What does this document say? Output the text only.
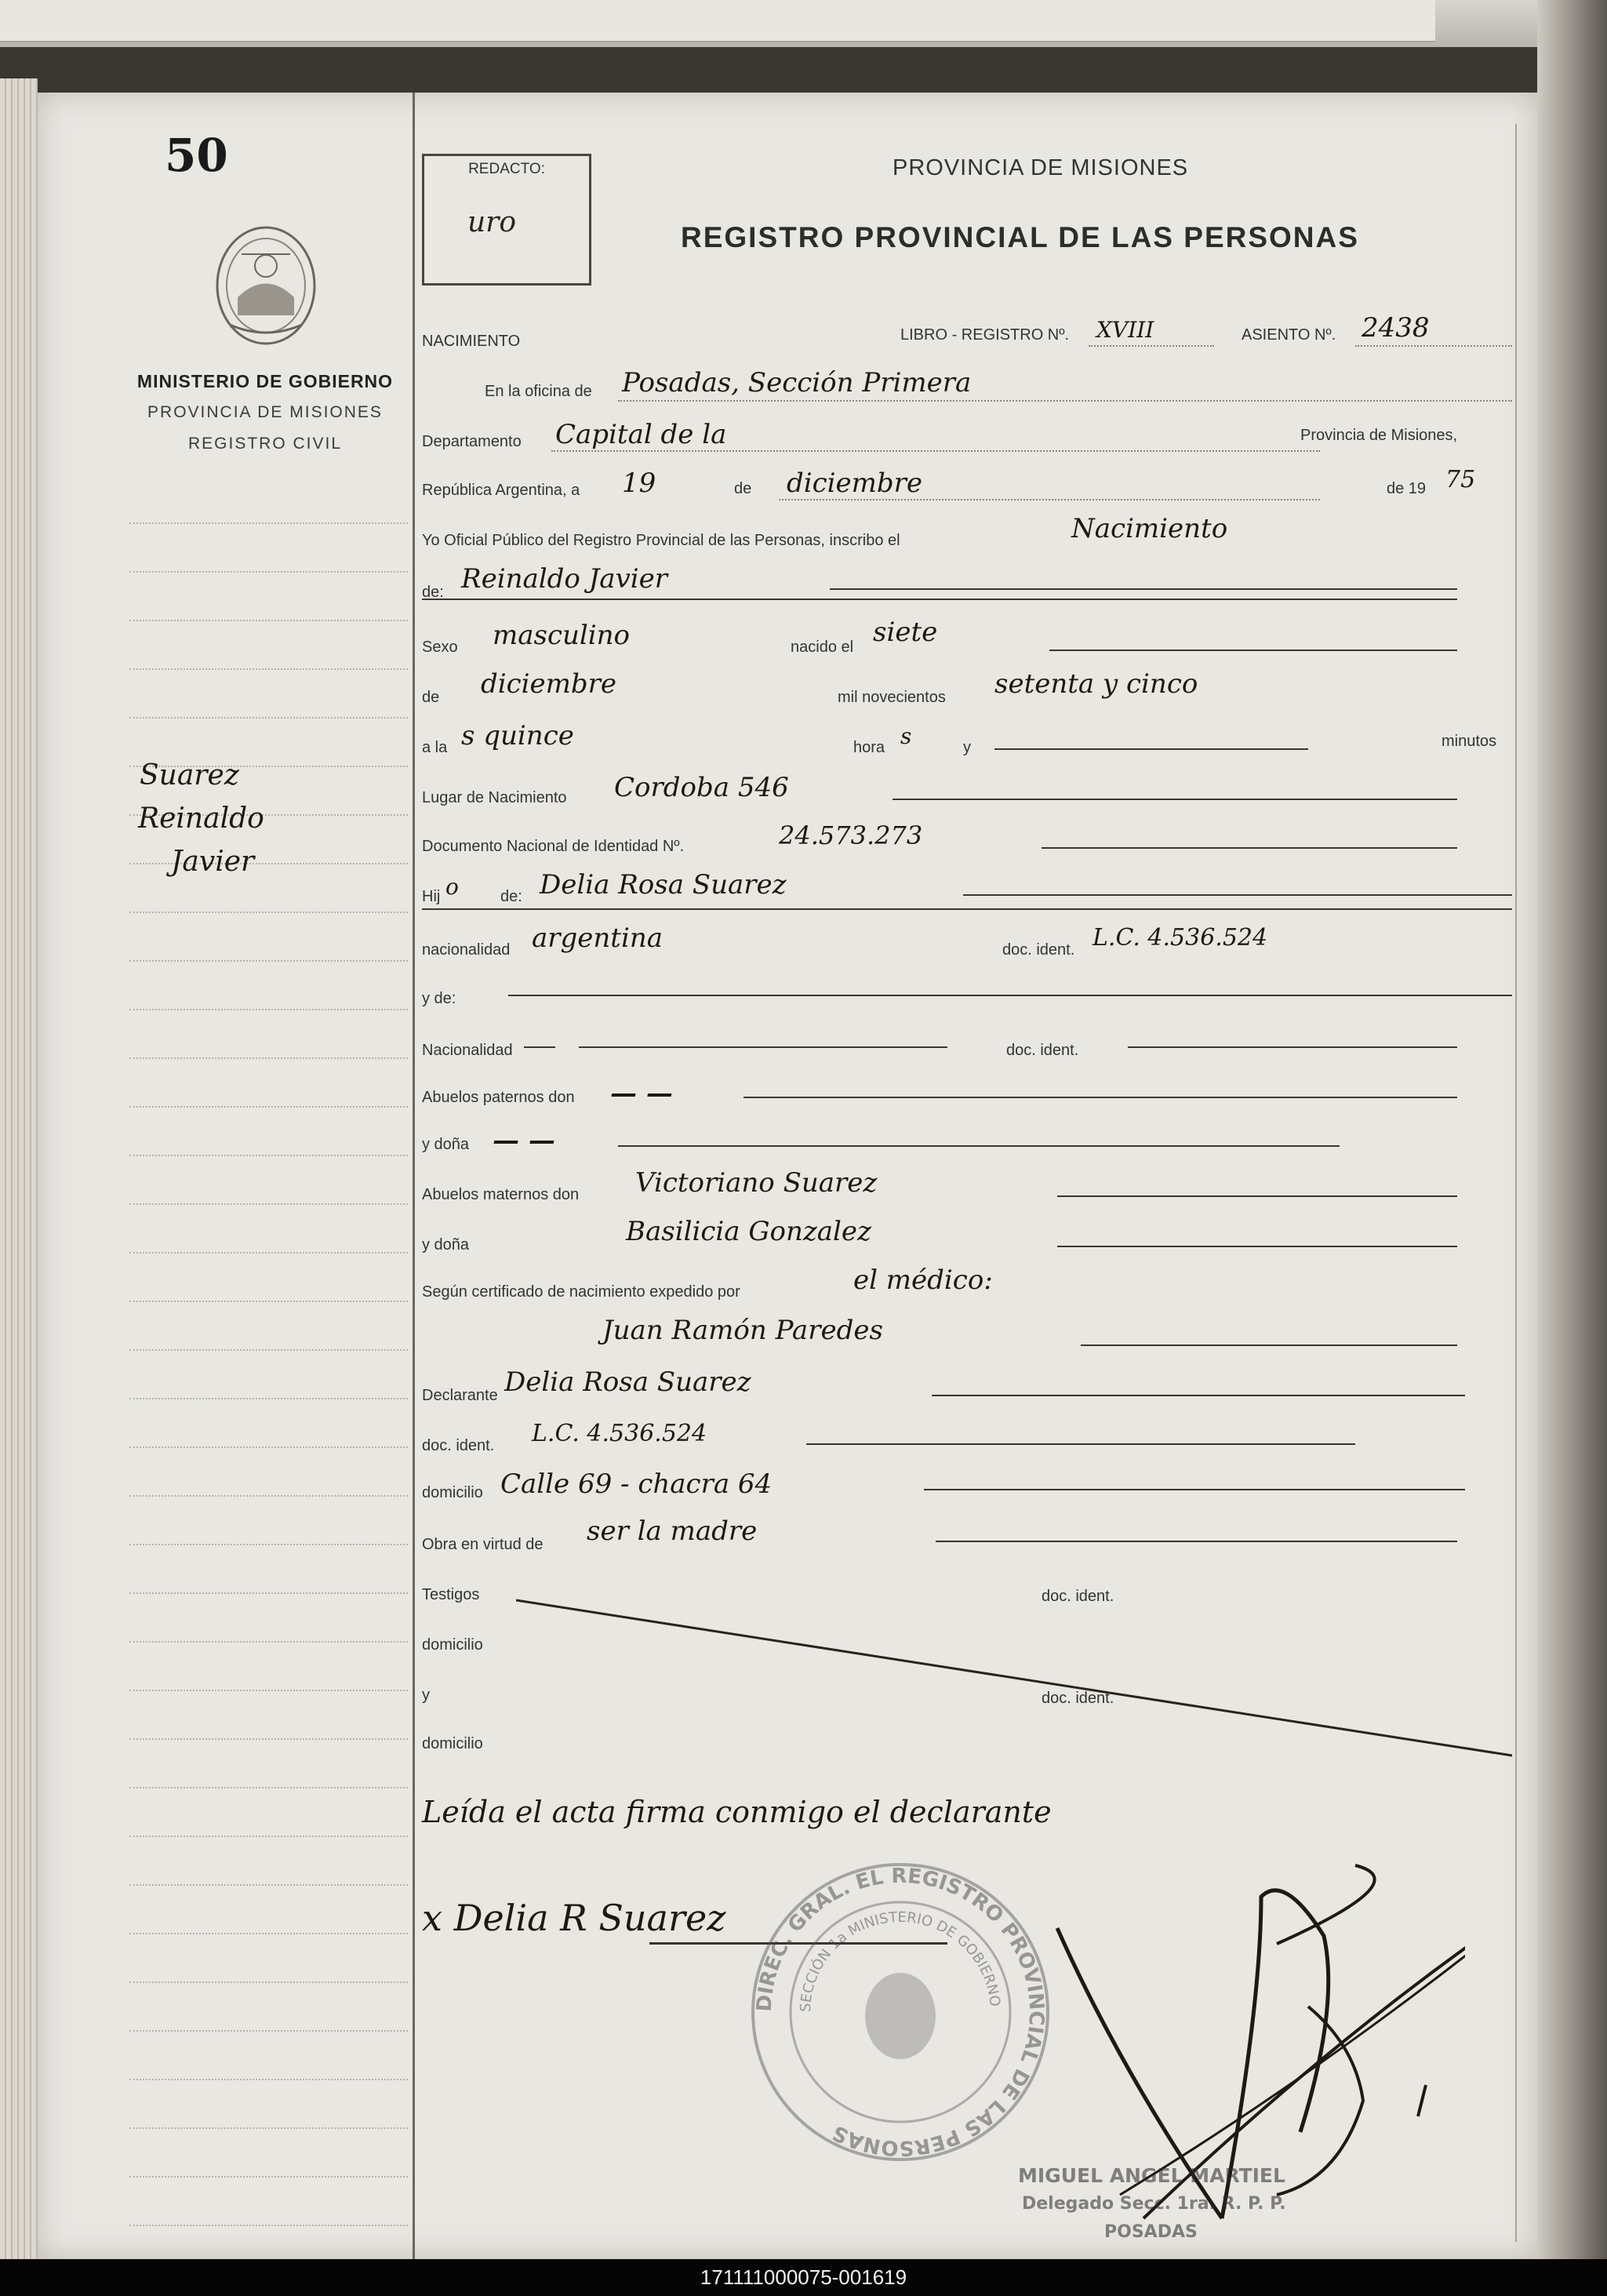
50
MINISTERIO DE GOBIERNO
PROVINCIA DE MISIONES
REGISTRO CIVIL
REDACTO:
uro
PROVINCIA DE MISIONES
REGISTRO PROVINCIAL DE LAS PERSONAS
Suarez
Reinaldo
Javier
NACIMIENTO	LIBRO - REGISTRO Nº. XVIII	ASIENTO Nº. 2438
En la oficina de Posadas, Sección Primera
Departamento Capital de la	Provincia de Misiones,
República Argentina, a 19	de diciembre	de 19 75
Yo Oficial Público del Registro Provincial de las Personas, inscribo el	Nacimiento
de: Reinaldo Javier
Sexo masculino	nacido el siete
de diciembre	mil novecientos setenta y cinco
a la s quince	hora s	y	minutos
Lugar de Nacimiento Cordoba 546
Documento Nacional de Identidad Nº.	24.573.273
Hij o	de: Delia Rosa Suarez
nacionalidad argentina	doc. ident. L.C. 4.536.524
y de:
Nacionalidad	doc. ident.
Abuelos paternos don — —
y doña — —
Abuelos maternos don Victoriano Suarez
y doña	Basilicia Gonzalez
Según certificado de nacimiento expedido por	el médico:
Juan Ramón Paredes
Declarante Delia Rosa Suarez
doc. ident. L.C. 4.536.524
domicilio Calle 69 - chacra 64
Obra en virtud de ser la madre
Testigos	doc. ident.
domicilio
y	doc. ident.
domicilio
Leída el acta firma conmigo el declarante
x Delia R Suarez
DIREC. GRAL. EL REGISTRO PROVINCIAL DE LAS PERSONAS
SECCIÓN 1a MINISTERIO DE GOBIERNO
MIGUEL ANGEL MARTIEL
Delegado Secc. 1ra. R. P. P.
POSADAS
171111000075-001619
